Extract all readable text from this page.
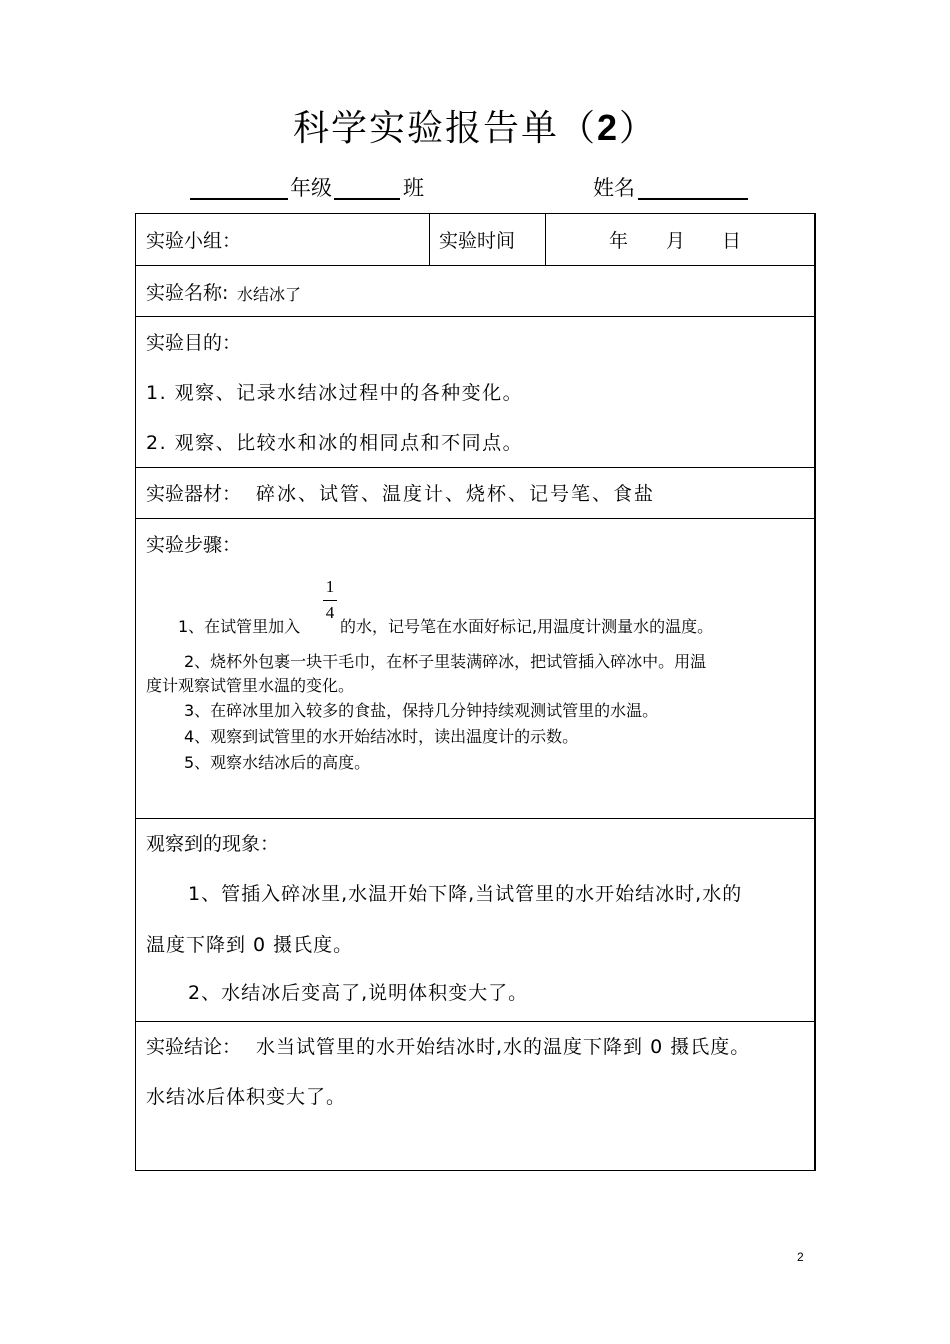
科学实验报告单（2）
年级	班	姓名
实验小组：	实验时间	年 月 日
实验名称: 水结冰了
实验目的：
1. 观察、记录水结冰过程中的各种变化。
2. 观察、比较水和冰的相同点和不同点。
实验器材： 碎冰、试管、温度计、烧杯、记号笔、食盐
实验步骤：
1
4
1、在试管里加入 的水，记号笔在水面好标记,用温度计测量水的温度。
2、烧杯外包裹一块干毛巾，在杯子里装满碎冰，把试管插入碎冰中。用温
度计观察试管里水温的变化。
3、在碎冰里加入较多的食盐，保持几分钟持续观测试管里的水温。
4、观察到试管里的水开始结冰时，读出温度计的示数。
5、观察水结冰后的高度。
观察到的现象：
1、管插入碎冰里,水温开始下降,当试管里的水开始结冰时,水的
温度下降到 0 摄氏度。
2、水结冰后变高了,说明体积变大了。
实验结论： 水当试管里的水开始结冰时,水的温度下降到 0 摄氏度。
水结冰后体积变大了。
2
